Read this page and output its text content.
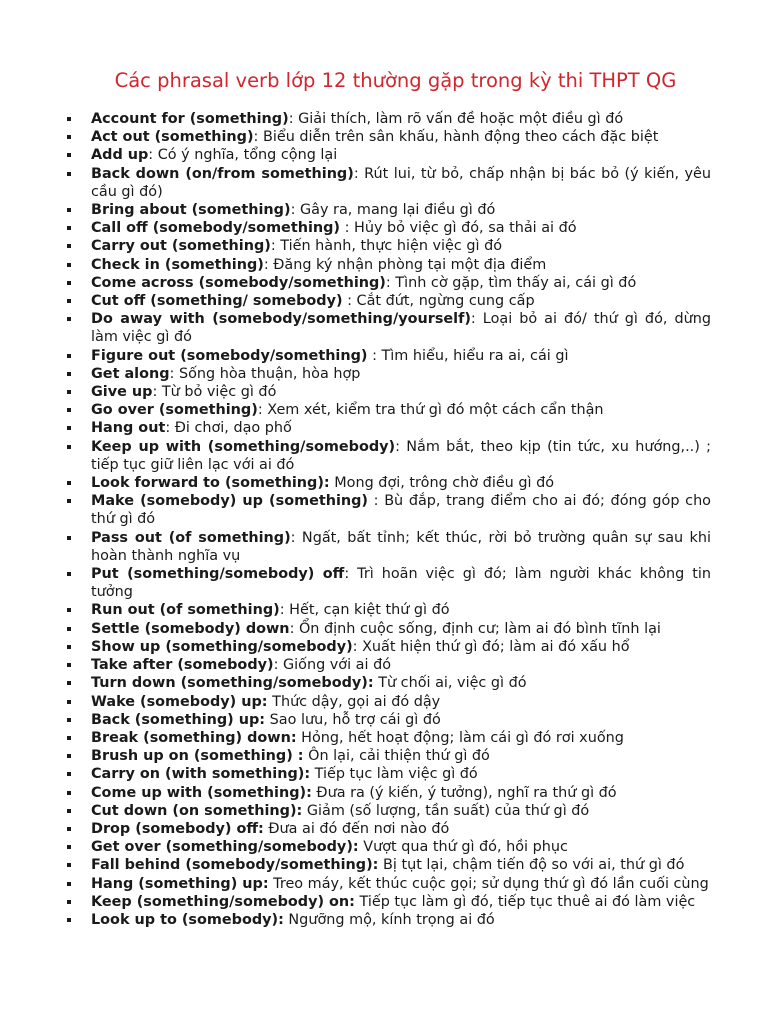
Các phrasal verb lớp 12 thường gặp trong kỳ thi THPT QG
Account for (something): Giải thích, làm rõ vấn đề hoặc một điều gì đó
Act out (something): Biểu diễn trên sân khấu, hành động theo cách đặc biệt
Add up: Có ý nghĩa, tổng cộng lại
Back down (on/from something): Rút lui, từ bỏ, chấp nhận bị bác bỏ (ý kiến, yêu cầu gì đó)
Bring about (something): Gây ra, mang lại điều gì đó
Call off (somebody/something) : Hủy bỏ việc gì đó, sa thải ai đó
Carry out (something): Tiến hành, thực hiện việc gì đó
Check in (something): Đăng ký nhận phòng tại một địa điểm
Come across (somebody/something): Tình cờ gặp, tìm thấy ai, cái gì đó
Cut off (something/ somebody) : Cắt đứt, ngừng cung cấp
Do away with (somebody/something/yourself): Loại bỏ ai đó/ thứ gì đó, dừng làm việc gì đó
Figure out (somebody/something) : Tìm hiểu, hiểu ra ai, cái gì
Get along: Sống hòa thuận, hòa hợp
Give up: Từ bỏ việc gì đó
Go over (something): Xem xét, kiểm tra thứ gì đó một cách cẩn thận
Hang out: Đi chơi, dạo phố
Keep up with (something/somebody): Nắm bắt, theo kịp (tin tức, xu hướng,..) ; tiếp tục giữ liên lạc với ai đó
Look forward to (something): Mong đợi, trông chờ điều gì đó
Make (somebody) up (something) : Bù đắp, trang điểm cho ai đó; đóng góp cho thứ gì đó
Pass out (of something): Ngất, bất tỉnh; kết thúc, rời bỏ trường quân sự sau khi hoàn thành nghĩa vụ
Put (something/somebody) off: Trì hoãn việc gì đó; làm người khác không tin tưởng
Run out (of something): Hết, cạn kiệt thứ gì đó
Settle (somebody) down: Ổn định cuộc sống, định cư; làm ai đó bình tĩnh lại
Show up (something/somebody): Xuất hiện thứ gì đó; làm ai đó xấu hổ
Take after (somebody): Giống với ai đó
Turn down (something/somebody): Từ chối ai, việc gì đó
Wake (somebody) up: Thức dậy, gọi ai đó dậy
Back (something) up: Sao lưu, hỗ trợ cái gì đó
Break (something) down: Hỏng, hết hoạt động; làm cái gì đó rơi xuống
Brush up on (something) : Ôn lại, cải thiện thứ gì đó
Carry on (with something): Tiếp tục làm việc gì đó
Come up with (something): Đưa ra (ý kiến, ý tưởng), nghĩ ra thứ gì đó
Cut down (on something): Giảm (số lượng, tần suất) của thứ gì đó
Drop (somebody) off: Đưa ai đó đến nơi nào đó
Get over (something/somebody): Vượt qua thứ gì đó, hồi phục
Fall behind (somebody/something): Bị tụt lại, chậm tiến độ so với ai, thứ gì đó
Hang (something) up: Treo máy, kết thúc cuộc gọi; sử dụng thứ gì đó lần cuối cùng
Keep (something/somebody) on: Tiếp tục làm gì đó, tiếp tục thuê ai đó làm việc
Look up to (somebody): Ngưỡng mộ, kính trọng ai đó
